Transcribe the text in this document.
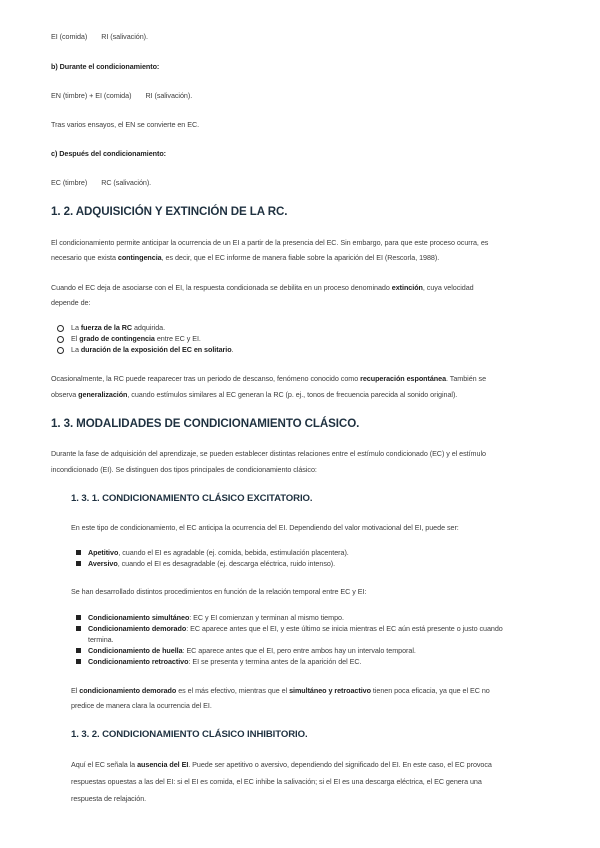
EI (comida) RI (salivación).
b) Durante el condicionamiento:
EN (timbre) + EI (comida) RI (salivación).
Tras varios ensayos, el EN se convierte en EC.
c) Después del condicionamiento:
EC (timbre) RC (salivación).
1. 2. ADQUISICIÓN Y EXTINCIÓN DE LA RC.
El condicionamiento permite anticipar la ocurrencia de un EI a partir de la presencia del EC. Sin embargo, para que este proceso ocurra, es
necesario que exista contingencia, es decir, que el EC informe de manera fiable sobre la aparición del EI (Rescorla, 1988).
Cuando el EC deja de asociarse con el EI, la respuesta condicionada se debilita en un proceso denominado extinción, cuya velocidad
depende de:
La fuerza de la RC adquirida.
El grado de contingencia entre EC y EI.
La duración de la exposición del EC en solitario.
Ocasionalmente, la RC puede reaparecer tras un periodo de descanso, fenómeno conocido como recuperación espontánea. También se
observa generalización, cuando estímulos similares al EC generan la RC (p. ej., tonos de frecuencia parecida al sonido original).
1. 3. MODALIDADES DE CONDICIONAMIENTO CLÁSICO.
Durante la fase de adquisición del aprendizaje, se pueden establecer distintas relaciones entre el estímulo condicionado (EC) y el estímulo
incondicionado (EI). Se distinguen dos tipos principales de condicionamiento clásico:
1. 3. 1. CONDICIONAMIENTO CLÁSICO EXCITATORIO.
En este tipo de condicionamiento, el EC anticipa la ocurrencia del EI. Dependiendo del valor motivacional del EI, puede ser:
Apetitivo, cuando el EI es agradable (ej. comida, bebida, estimulación placentera).
Aversivo, cuando el EI es desagradable (ej. descarga eléctrica, ruido intenso).
Se han desarrollado distintos procedimientos en función de la relación temporal entre EC y EI:
Condicionamiento simultáneo: EC y EI comienzan y terminan al mismo tiempo.
Condicionamiento demorado: EC aparece antes que el EI, y este último se inicia mientras el EC aún está presente o justo cuando
termina.
Condicionamiento de huella: EC aparece antes que el EI, pero entre ambos hay un intervalo temporal.
Condicionamiento retroactivo: EI se presenta y termina antes de la aparición del EC.
El condicionamiento demorado es el más efectivo, mientras que el simultáneo y retroactivo tienen poca eficacia, ya que el EC no
predice de manera clara la ocurrencia del EI.
1. 3. 2. CONDICIONAMIENTO CLÁSICO INHIBITORIO.
Aquí el EC señala la ausencia del EI. Puede ser apetitivo o aversivo, dependiendo del significado del EI. En este caso, el EC provoca
respuestas opuestas a las del EI: si el EI es comida, el EC inhibe la salivación; si el EI es una descarga eléctrica, el EC genera una
respuesta de relajación.
